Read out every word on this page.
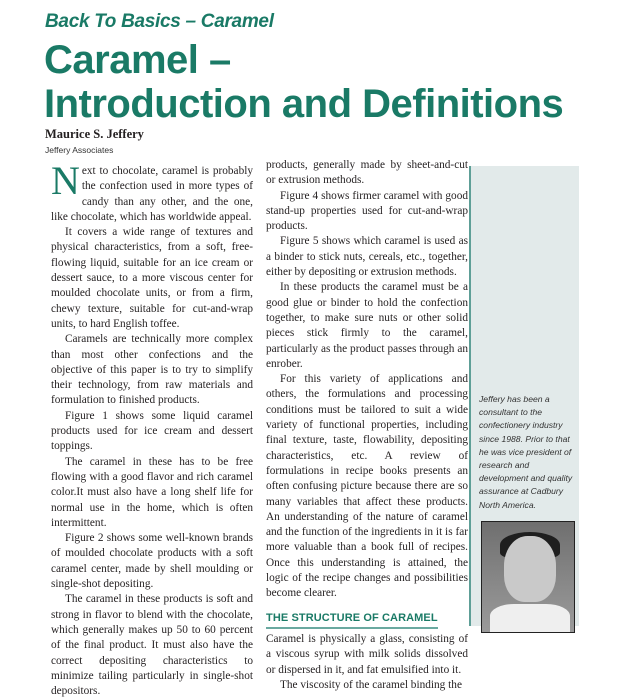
Back To Basics – Caramel
Caramel –
Introduction and Definitions
Maurice S. Jeffery
Jeffery Associates

Next to chocolate, caramel is probably the confection used in more types of candy than any other, and the one, like chocolate, which has worldwide appeal.

It covers a wide range of textures and physical characteristics, from a soft, free-flowing liquid, suitable for an ice cream or dessert sauce, to a more viscous center for moulded chocolate units, or from a firm, chewy texture, suitable for cut-and-wrap units, to hard English toffee.

Caramels are technically more complex than most other confections and the objective of this paper is to try to simplify their technology, from raw materials and formulation to finished products.

Figure 1 shows some liquid caramel products used for ice cream and dessert toppings.

The caramel in these has to be free flowing with a good flavor and rich caramel color.It must also have a long shelf life for normal use in the home, which is often intermittent.

Figure 2 shows some well-known brands of moulded chocolate products with a soft caramel center, made by shell moulding or single-shot depositing.

The caramel in these products is soft and strong in flavor to blend with the chocolate, which generally makes up 50 to 60 percent of the final product. It must also have the correct depositing characteristics to minimize tailing particularly in single-shot depositors.

products, generally made by sheet-and-cut or extrusion methods.

Figure 4 shows firmer caramel with good stand-up properties used for cut-and-wrap products.

Figure 5 shows which caramel is used as a binder to stick nuts, cereals, etc., together, either by depositing or extrusion methods.

In these products the caramel must be a good glue or binder to hold the confection together, to make sure nuts or other solid pieces stick firmly to the caramel, particularly as the product passes through an enrober.

For this variety of applications and others, the formulations and processing conditions must be tailored to suit a wide variety of functional properties, including final texture, taste, flowability, depositing characteristics, etc. A review of formulations in recipe books presents an often confusing picture because there are so many variables that affect these products. An understanding of the nature of caramel and the function of the ingredients in it is far more valuable than a book full of recipes. Once this understanding is attained, the logic of the recipe changes and possibilities become clearer.

THE STRUCTURE OF CARAMEL

Caramel is physically a glass, consisting of a viscous syrup with milk solids dissolved or dispersed in it, and fat emulsified into it.

The viscosity of the caramel binding the

Jeffery has been a consultant to the confectionery industry since 1988. Prior to that he was vice president of research and development and quality assurance at Cadbury North America.
